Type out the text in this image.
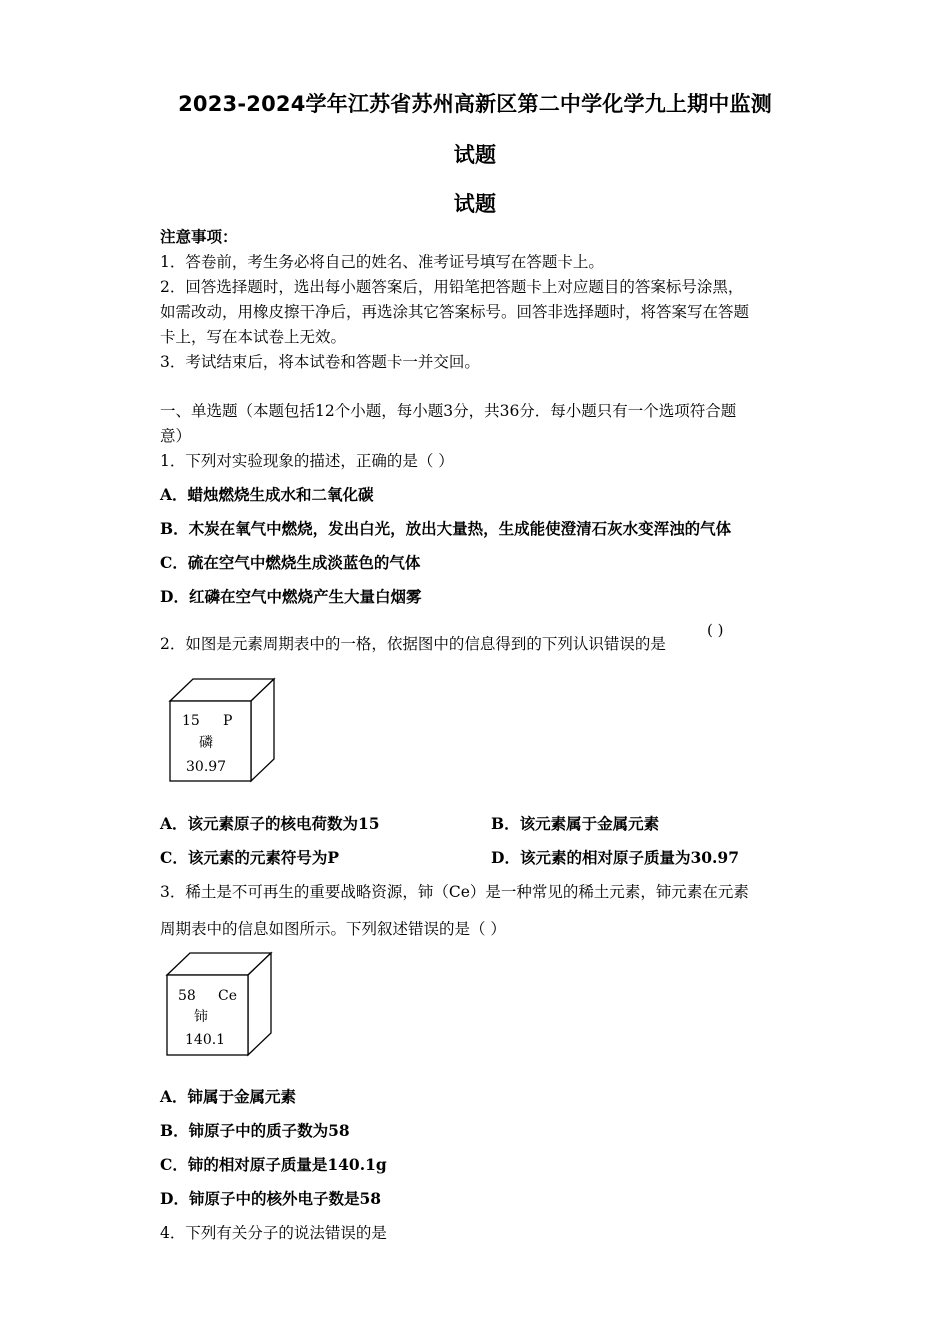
2023-2024学年江苏省苏州高新区第二中学化学九上期中监测
试题
试题
注意事项：
1．答卷前，考生务必将自己的姓名、准考证号填写在答题卡上。
2．回答选择题时，选出每小题答案后，用铅笔把答题卡上对应题目的答案标号涂黑，
如需改动，用橡皮擦干净后，再选涂其它答案标号。回答非选择题时，将答案写在答题
卡上，写在本试卷上无效。
3．考试结束后，将本试卷和答题卡一并交回。
一、单选题（本题包括12个小题，每小题3分，共36分．每小题只有一个选项符合题
意）
1．下列对实验现象的描述，正确的是（ ）
A．蜡烛燃烧生成水和二氧化碳
B．木炭在氧气中燃烧，发出白光，放出大量热，生成能使澄清石灰水变浑浊的气体
C．硫在空气中燃烧生成淡蓝色的气体
D．红磷在空气中燃烧产生大量白烟雾
2．如图是元素周期表中的一格，依据图中的信息得到的下列认识错误的是
( )
15 P
磷
30.97
A．该元素原子的核电荷数为15	B．该元素属于金属元素
C．该元素的元素符号为P	D．该元素的相对原子质量为30.97
3．稀土是不可再生的重要战略资源，铈（Ce）是一种常见的稀土元素，铈元素在元素
周期表中的信息如图所示。下列叙述错误的是（ ）
58 Ce
铈
140.1
A．铈属于金属元素
B．铈原子中的质子数为58
C．铈的相对原子质量是140.1g
D．铈原子中的核外电子数是58
4．下列有关分子的说法错误的是
